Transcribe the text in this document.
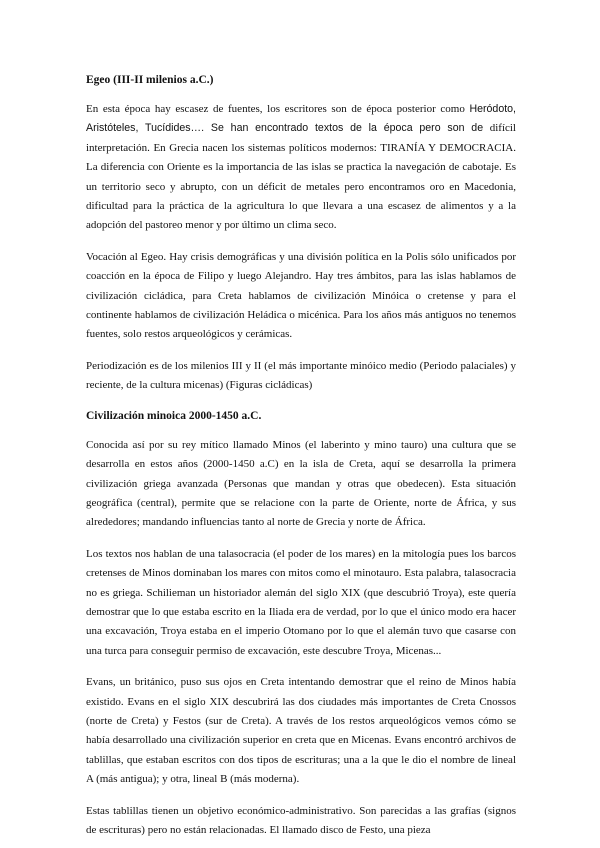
Egeo (III-II milenios a.C.)

En esta época hay escasez de fuentes, los escritores son de época posterior como Heródoto, Aristóteles, Tucídides…. Se han encontrado textos de la época pero son de difícil interpretación. En Grecia nacen los sistemas políticos modernos: TIRANÍA Y DEMOCRACIA. La diferencia con Oriente es la importancia de las islas se practica la navegación de cabotaje. Es un territorio seco y abrupto, con un déficit de metales pero encontramos oro en Macedonia, dificultad para la práctica de la agricultura lo que llevara a una escasez de alimentos y a la adopción del pastoreo menor y por último un clima seco.

Vocación al Egeo. Hay crisis demográficas y una división política en la Polis sólo unificados por coacción en la época de Filipo y luego Alejandro. Hay tres ámbitos, para las islas hablamos de civilización cicládica, para Creta hablamos de civilización Minóica o cretense y para el continente hablamos de civilización Heládica o micénica. Para los años más antiguos no tenemos fuentes, solo restos arqueológicos y cerámicas.

Periodización es de los milenios III y II (el más importante minóico medio (Periodo palaciales) y reciente, de la cultura micenas) (Figuras cicládicas)

Civilización minoica 2000-1450 a.C.

Conocida así por su rey mítico llamado Minos (el laberinto y mino tauro) una cultura que se desarrolla en estos años (2000-1450 a.C) en la isla de Creta, aquí se desarrolla la primera civilización griega avanzada (Personas que mandan y otras que obedecen). Esta situación geográfica (central), permite que se relacione con la parte de Oriente, norte de África, y sus alrededores; mandando influencias tanto al norte de Grecia y norte de África.

Los textos nos hablan de una talasocracia (el poder de los mares) en la mitología pues los barcos cretenses de Minos dominaban los mares con mitos como el minotauro. Esta palabra, talasocracia no es griega. Schilieman un historiador alemán del siglo XIX (que descubrió Troya), este quería demostrar que lo que estaba escrito en la Iliada era de verdad, por lo que el único modo era hacer una excavación, Troya estaba en el imperio Otomano por lo que el alemán tuvo que casarse con una turca para conseguir permiso de excavación, este descubre Troya, Micenas...

Evans, un británico, puso sus ojos en Creta intentando demostrar que el reino de Minos había existido. Evans en el siglo XIX descubrirá las dos ciudades más importantes de Creta Cnossos (norte de Creta) y Festos (sur de Creta). A través de los restos arqueológicos vemos cómo se había desarrollado una civilización superior en creta que en Micenas. Evans encontró archivos de tablillas, que estaban escritos con dos tipos de escrituras; una a la que le dio el nombre de lineal A (más antigua); y otra, lineal B (más moderna).

Estas tablillas tienen un objetivo económico-administrativo. Son parecidas a las grafías (signos de escrituras) pero no están relacionadas. El llamado disco de Festo, una pieza
